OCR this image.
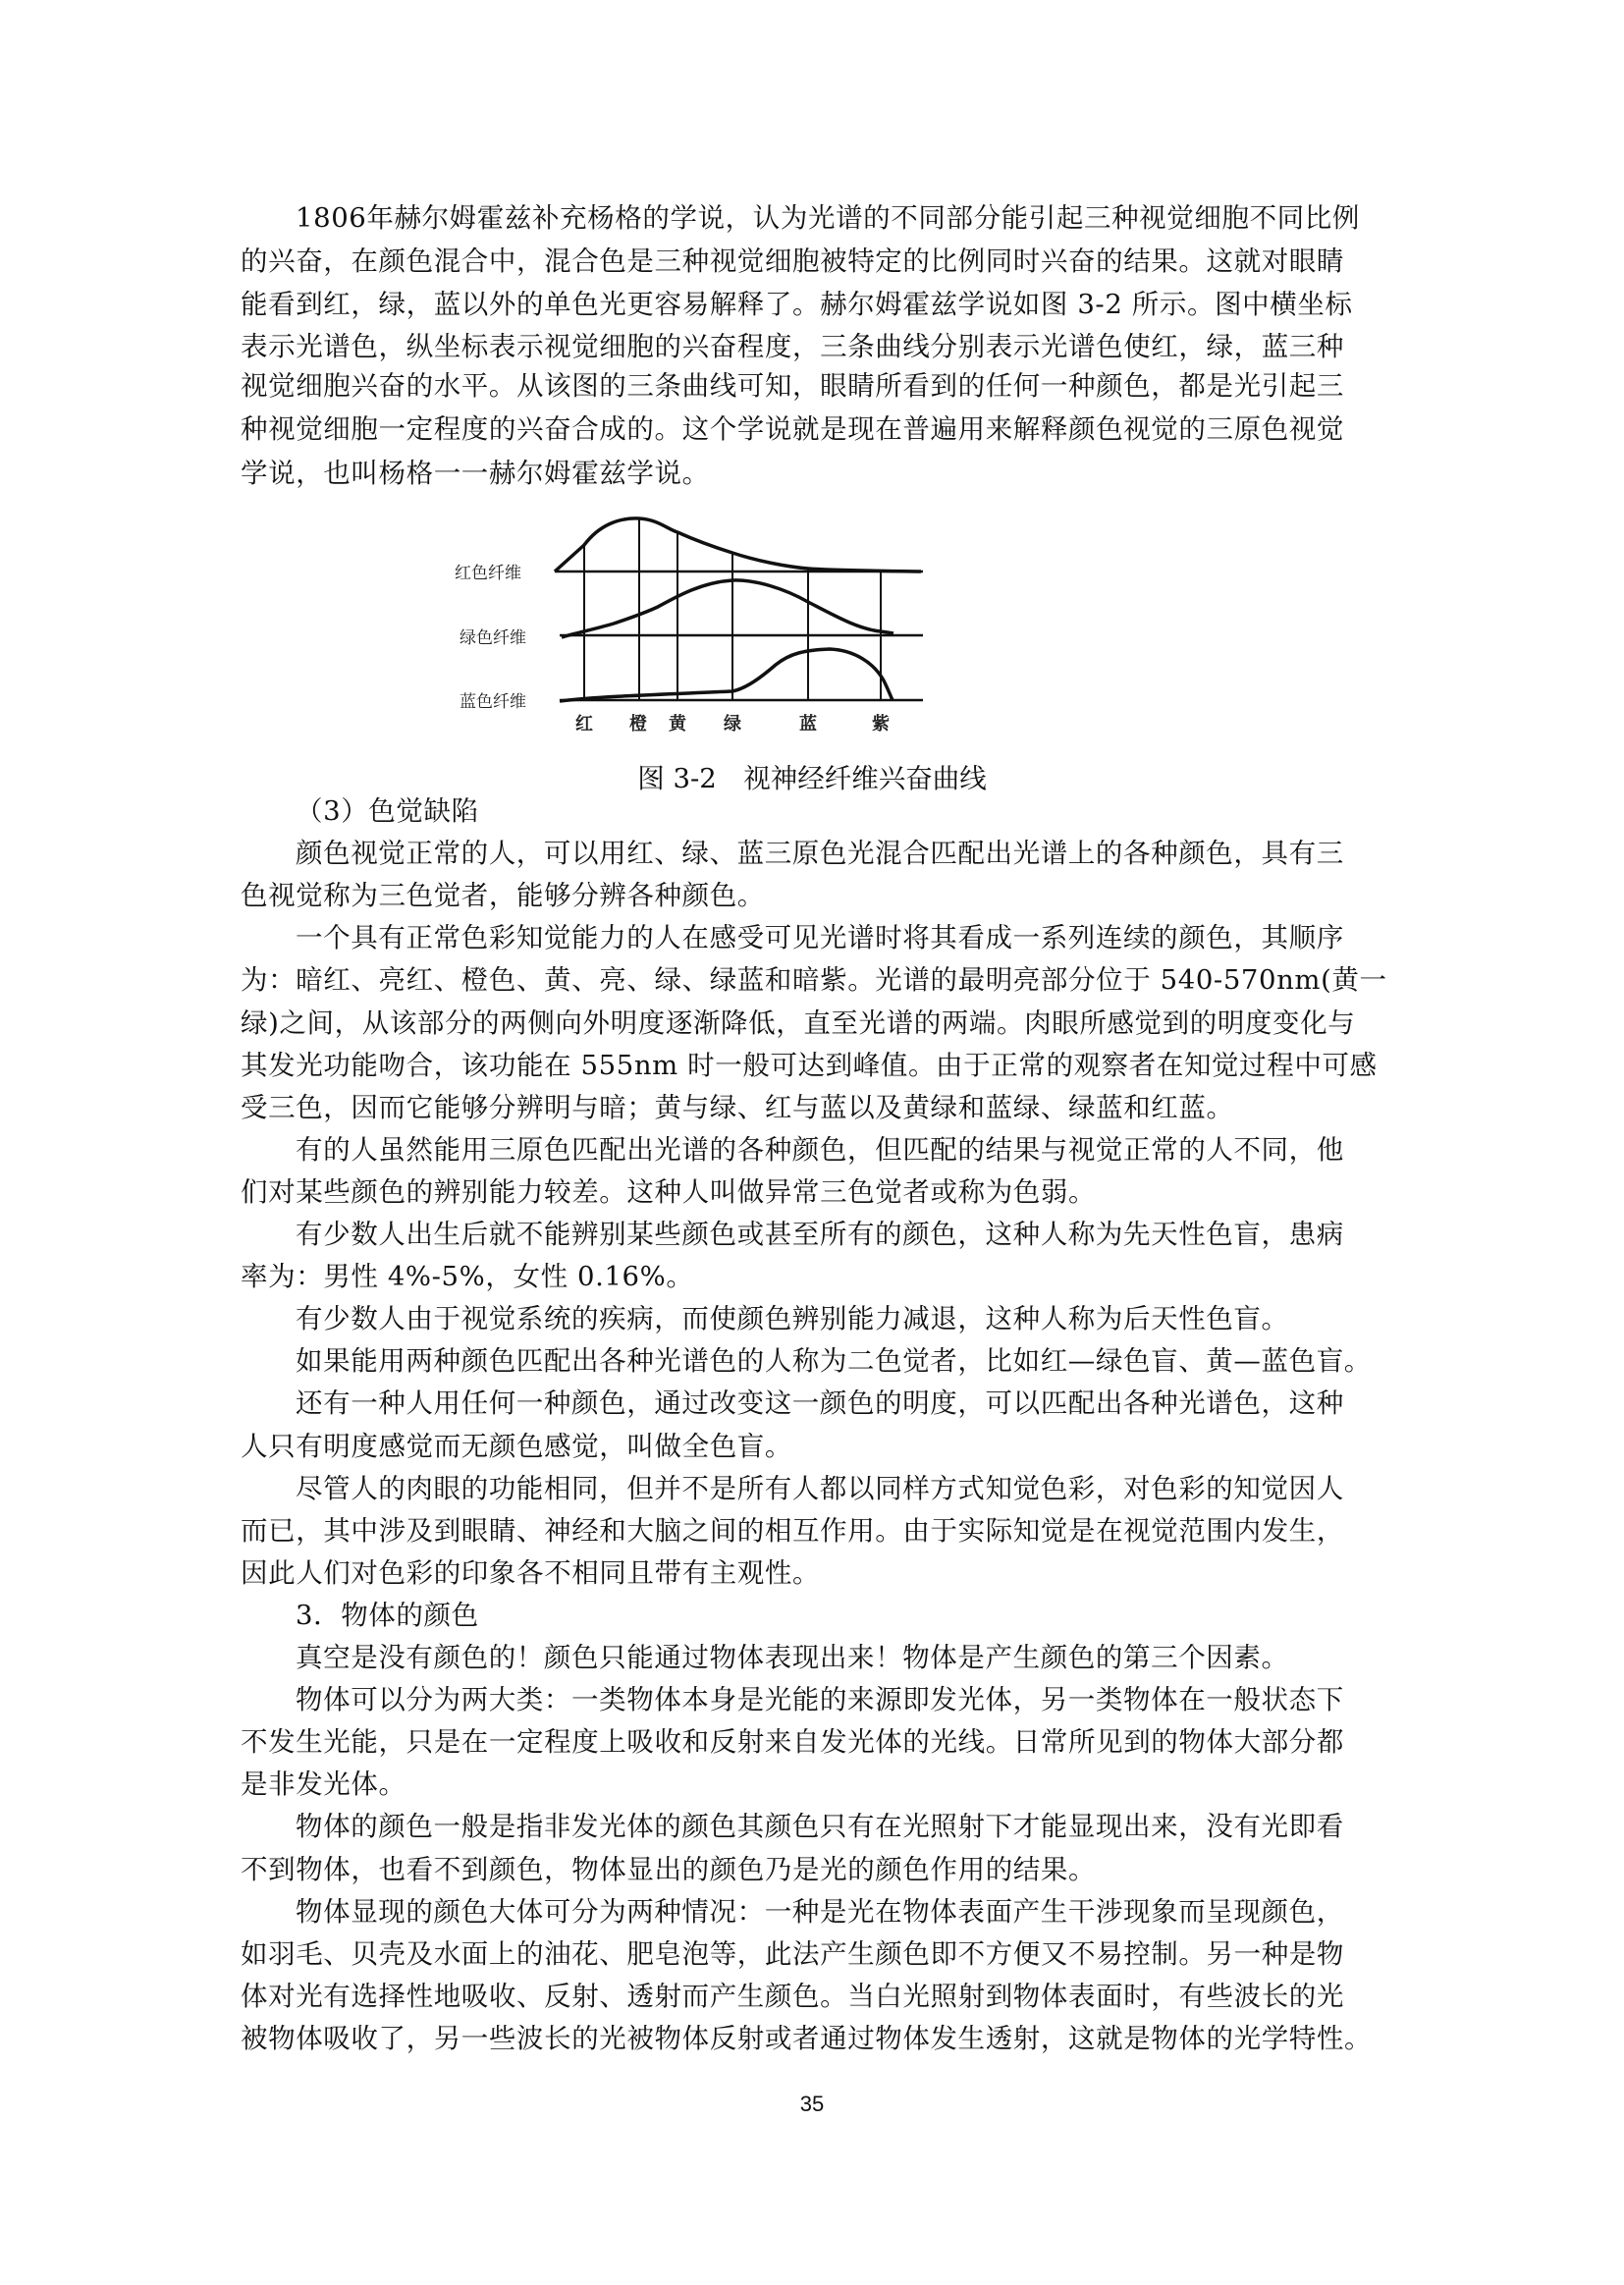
1806年赫尔姆霍兹补充杨格的学说，认为光谱的不同部分能引起三种视觉细胞不同比例
的兴奋，在颜色混合中，混合色是三种视觉细胞被特定的比例同时兴奋的结果。这就对眼睛
能看到红，绿，蓝以外的单色光更容易解释了。赫尔姆霍兹学说如图 3-2 所示。图中横坐标
表示光谱色，纵坐标表示视觉细胞的兴奋程度，三条曲线分别表示光谱色使红，绿，蓝三种
视觉细胞兴奋的水平。从该图的三条曲线可知，眼睛所看到的任何一种颜色，都是光引起三
种视觉细胞一定程度的兴奋合成的。这个学说就是现在普遍用来解释颜色视觉的三原色视觉
学说，也叫杨格一一赫尔姆霍兹学说。
红色纤维
绿色纤维
蓝色纤维
红 橙 黄 绿	蓝	紫
图 3-2　视神经纤维兴奋曲线
（3）色觉缺陷
颜色视觉正常的人，可以用红、绿、蓝三原色光混合匹配出光谱上的各种颜色，具有三
色视觉称为三色觉者，能够分辨各种颜色。
一个具有正常色彩知觉能力的人在感受可见光谱时将其看成一系列连续的颜色，其顺序
为：暗红、亮红、橙色、黄、亮、绿、绿蓝和暗紫。光谱的最明亮部分位于 540-570nm(黄一
绿)之间，从该部分的两侧向外明度逐渐降低，直至光谱的两端。肉眼所感觉到的明度变化与
其发光功能吻合，该功能在 555nm 时一般可达到峰值。由于正常的观察者在知觉过程中可感
受三色，因而它能够分辨明与暗；黄与绿、红与蓝以及黄绿和蓝绿、绿蓝和红蓝。
有的人虽然能用三原色匹配出光谱的各种颜色，但匹配的结果与视觉正常的人不同，他
们对某些颜色的辨别能力较差。这种人叫做异常三色觉者或称为色弱。
有少数人出生后就不能辨别某些颜色或甚至所有的颜色，这种人称为先天性色盲，患病
率为：男性 4%-5%，女性 0.16%。
有少数人由于视觉系统的疾病，而使颜色辨别能力减退，这种人称为后天性色盲。
如果能用两种颜色匹配出各种光谱色的人称为二色觉者，比如红—绿色盲、黄—蓝色盲。
还有一种人用任何一种颜色，通过改变这一颜色的明度，可以匹配出各种光谱色，这种
人只有明度感觉而无颜色感觉，叫做全色盲。
尽管人的肉眼的功能相同，但并不是所有人都以同样方式知觉色彩，对色彩的知觉因人
而已，其中涉及到眼睛、神经和大脑之间的相互作用。由于实际知觉是在视觉范围内发生，
因此人们对色彩的印象各不相同且带有主观性。
3．物体的颜色
真空是没有颜色的！颜色只能通过物体表现出来！物体是产生颜色的第三个因素。
物体可以分为两大类：一类物体本身是光能的来源即发光体，另一类物体在一般状态下
不发生光能，只是在一定程度上吸收和反射来自发光体的光线。日常所见到的物体大部分都
是非发光体。
物体的颜色一般是指非发光体的颜色其颜色只有在光照射下才能显现出来，没有光即看
不到物体，也看不到颜色，物体显出的颜色乃是光的颜色作用的结果。
物体显现的颜色大体可分为两种情况：一种是光在物体表面产生干涉现象而呈现颜色，
如羽毛、贝壳及水面上的油花、肥皂泡等，此法产生颜色即不方便又不易控制。另一种是物
体对光有选择性地吸收、反射、透射而产生颜色。当白光照射到物体表面时，有些波长的光
被物体吸收了，另一些波长的光被物体反射或者通过物体发生透射，这就是物体的光学特性。
35
